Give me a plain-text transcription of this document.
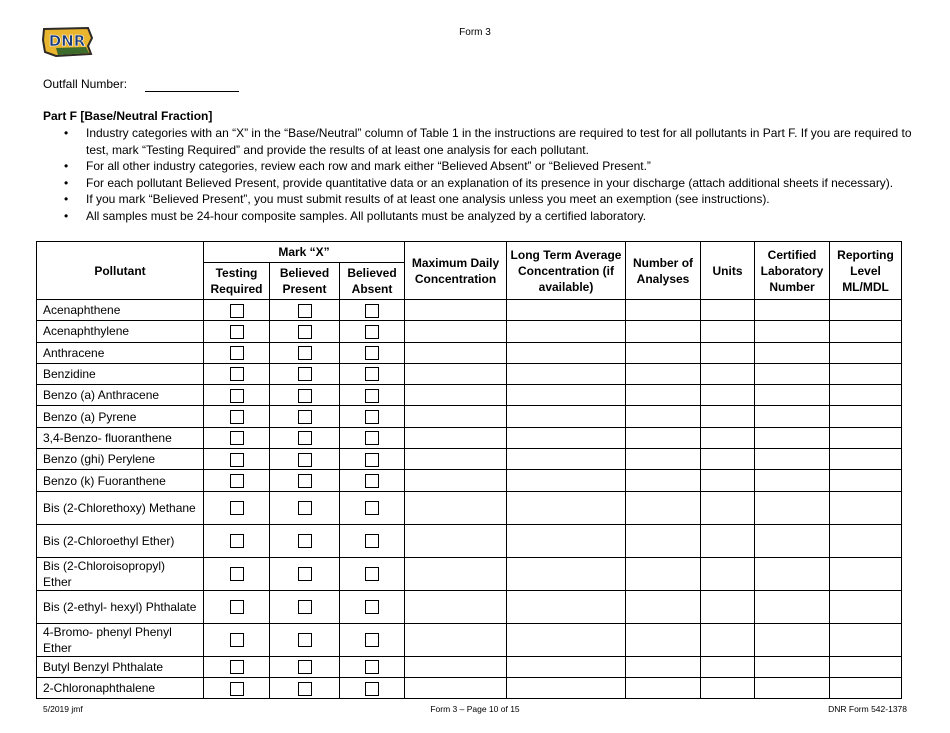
DNR	Form 3
Outfall Number:
Part F [Base/Neutral Fraction]
• Industry categories with an “X” in the “Base/Neutral” column of Table 1 in the instructions are required to test for all pollutants in Part F. If you are required to test, mark “Testing Required” and provide the results of at least one analysis for each pollutant.
• For all other industry categories, review each row and mark either “Believed Absent” or “Believed Present.”
• For each pollutant Believed Present, provide quantitative data or an explanation of its presence in your discharge (attach additional sheets if necessary).
• If you mark “Believed Present”, you must submit results of at least one analysis unless you meet an exemption (see instructions).
• All samples must be 24-hour composite samples. All pollutants must be analyzed by a certified laboratory.
Pollutant	Mark “X”			Maximum Daily Concentration	Long Term Average Concentration (if available)	Number of Analyses	Units	Certified Laboratory Number	Reporting Level ML/MDL
	Testing Required	Believed Present	Believed Absent						
Acenaphthene									
Acenaphthylene									
Anthracene									
Benzidine									
Benzo (a) Anthracene									
Benzo (a) Pyrene									
3,4-Benzo- fluoranthene									
Benzo (ghi) Perylene									
Benzo (k) Fuoranthene									
Bis (2-Chlorethoxy) Methane									
Bis (2-Chloroethyl Ether)									
Bis (2-Chloroisopropyl) Ether									
Bis (2-ethyl- hexyl) Phthalate									
4-Bromo- phenyl Phenyl Ether									
Butyl Benzyl Phthalate									
2-Chloronaphthalene									
5/2019 jmf	Form 3 – Page 10 of 15	DNR Form 542-1378
